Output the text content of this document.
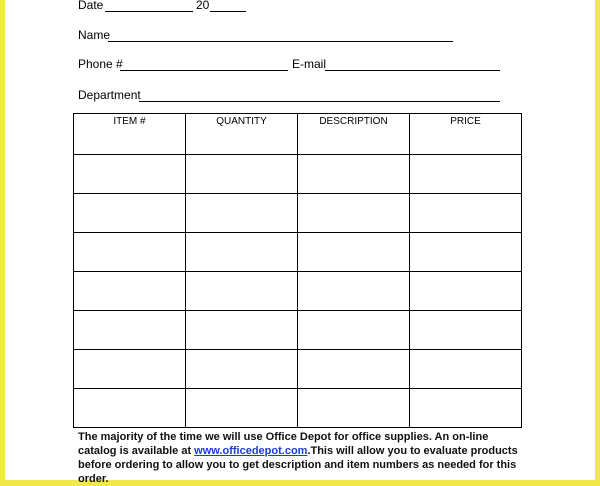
Date	20
Name
Phone #	E-mail
Department
ITEM #	QUANTITY	DESCRIPTION	PRICE

The majority of the time we will use Office Depot for office supplies. An on-line catalog is available at www.officedepot.com.This will allow you to evaluate products before ordering to allow you to get description and item numbers as needed for this order.
